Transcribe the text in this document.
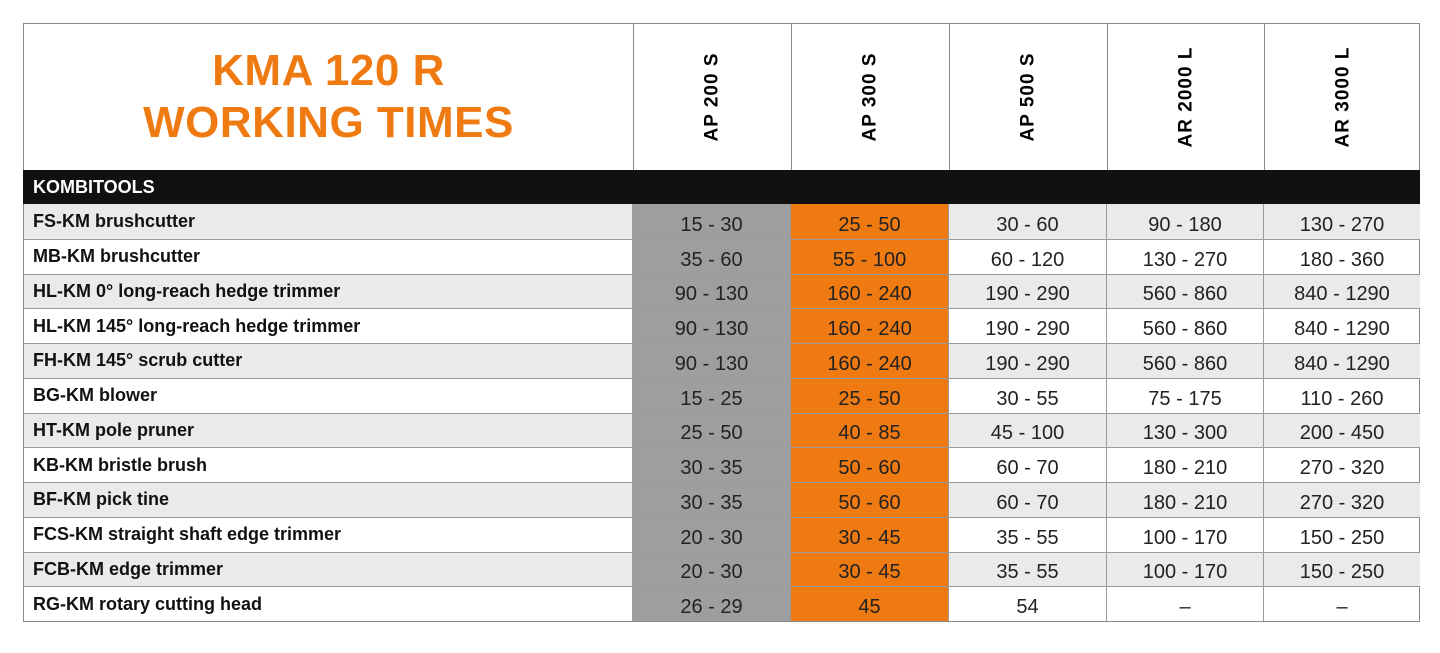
KMA 120 R
WORKING TIMES	AP 200 S	AP 300 S	AP 500 S	AR 2000 L	AR 3000 L
KOMBITOOLS
FS-KM brushcutter	15 - 30	25 - 50	30 - 60	90 - 180	130 - 270
MB-KM brushcutter	35 - 60	55 - 100	60 - 120	130 - 270	180 - 360
HL-KM 0° long-reach hedge trimmer	90 - 130	160 - 240	190 - 290	560 - 860	840 - 1290
HL-KM 145° long-reach hedge trimmer	90 - 130	160 - 240	190 - 290	560 - 860	840 - 1290
FH-KM 145° scrub cutter	90 - 130	160 - 240	190 - 290	560 - 860	840 - 1290
BG-KM blower	15 - 25	25 - 50	30 - 55	75 - 175	110 - 260
HT-KM pole pruner	25 - 50	40 - 85	45 - 100	130 - 300	200 - 450
KB-KM bristle brush	30 - 35	50 - 60	60 - 70	180 - 210	270 - 320
BF-KM pick tine	30 - 35	50 - 60	60 - 70	180 - 210	270 - 320
FCS-KM straight shaft edge trimmer	20 - 30	30 - 45	35 - 55	100 - 170	150 - 250
FCB-KM edge trimmer	20 - 30	30 - 45	35 - 55	100 - 170	150 - 250
RG-KM rotary cutting head	26 - 29	45	54	–	–
